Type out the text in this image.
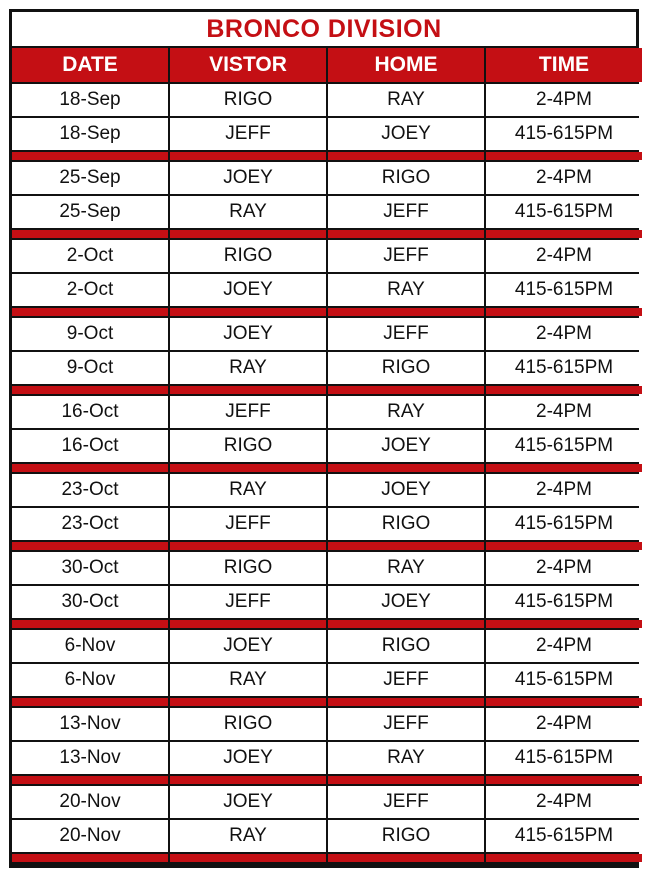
BRONCO DIVISION
DATE	VISTOR	HOME	TIME
18-Sep	RIGO	RAY	2-4PM
18-Sep	JEFF	JOEY	415-615PM
25-Sep	JOEY	RIGO	2-4PM
25-Sep	RAY	JEFF	415-615PM
2-Oct	RIGO	JEFF	2-4PM
2-Oct	JOEY	RAY	415-615PM
9-Oct	JOEY	JEFF	2-4PM
9-Oct	RAY	RIGO	415-615PM
16-Oct	JEFF	RAY	2-4PM
16-Oct	RIGO	JOEY	415-615PM
23-Oct	RAY	JOEY	2-4PM
23-Oct	JEFF	RIGO	415-615PM
30-Oct	RIGO	RAY	2-4PM
30-Oct	JEFF	JOEY	415-615PM
6-Nov	JOEY	RIGO	2-4PM
6-Nov	RAY	JEFF	415-615PM
13-Nov	RIGO	JEFF	2-4PM
13-Nov	JOEY	RAY	415-615PM
20-Nov	JOEY	JEFF	2-4PM
20-Nov	RAY	RIGO	415-615PM
